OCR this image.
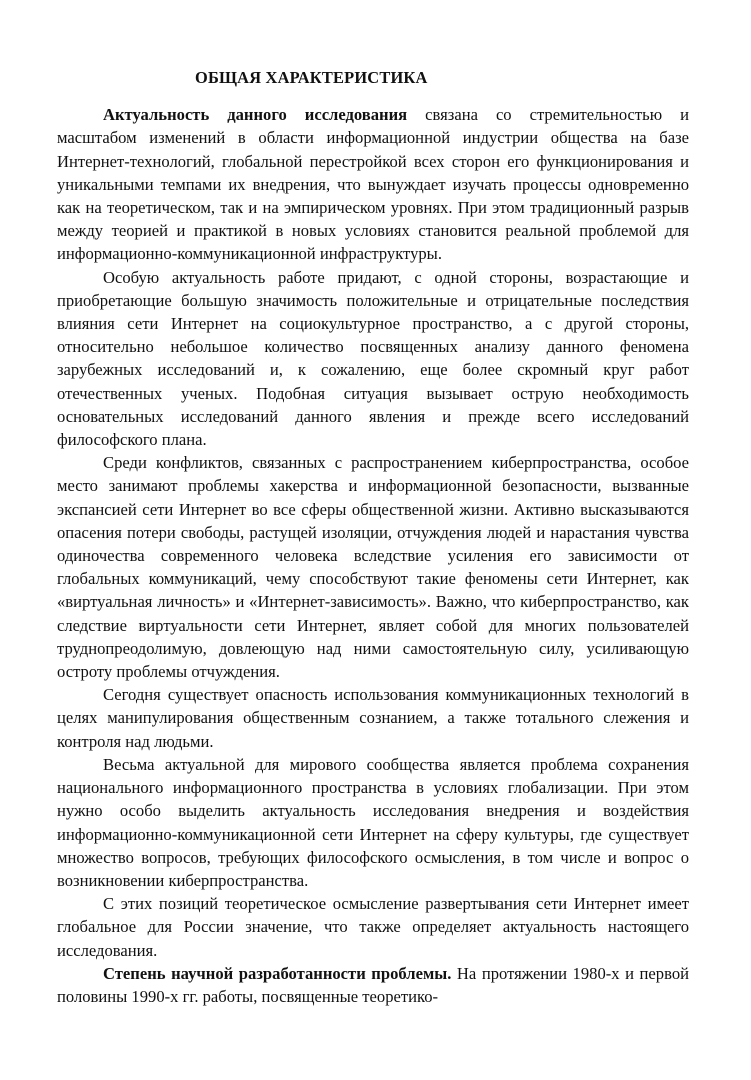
ОБЩАЯ ХАРАКТЕРИСТИКА

Актуальность данного исследования связана со стремительностью и масштабом изменений в области информационной индустрии общества на базе Интернет-технологий, глобальной перестройкой всех сторон его функционирования и уникальными темпами их внедрения, что вынуждает изучать процессы одновременно как на теоретическом, так и на эмпирическом уровнях. При этом традиционный разрыв между теорией и практикой в новых условиях становится реальной проблемой для информационно-коммуникационной инфраструктуры.

Особую актуальность работе придают, с одной стороны, возрастающие и приобретающие большую значимость положительные и отрицательные последствия влияния сети Интернет на социокультурное пространство, а с другой стороны, относительно небольшое количество посвященных анализу данного феномена зарубежных исследований и, к сожалению, еще более скромный круг работ отечественных ученых. Подобная ситуация вызывает острую необходимость основательных исследований данного явления и прежде всего исследований философского плана.

Среди конфликтов, связанных с распространением киберпространства, особое место занимают проблемы хакерства и информационной безопасности, вызванные экспансией сети Интернет во все сферы общественной жизни. Активно высказываются опасения потери свободы, растущей изоляции, отчуждения людей и нарастания чувства одиночества современного человека вследствие усиления его зависимости от глобальных коммуникаций, чему способствуют такие феномены сети Интернет, как «виртуальная личность» и «Интернет-зависимость». Важно, что киберпространство, как следствие виртуальности сети Интернет, являет собой для многих пользователей труднопреодолимую, довлеющую над ними самостоятельную силу, усиливающую остроту проблемы отчуждения.

Сегодня существует опасность использования коммуникационных технологий в целях манипулирования общественным сознанием, а также тотального слежения и контроля над людьми.

Весьма актуальной для мирового сообщества является проблема сохранения национального информационного пространства в условиях глобализации. При этом нужно особо выделить актуальность исследования внедрения и воздействия информационно-коммуникационной сети Интернет на сферу культуры, где существует множество вопросов, требующих философского осмысления, в том числе и вопрос о возникновении киберпространства.

С этих позиций теоретическое осмысление развертывания сети Интернет имеет глобальное для России значение, что также определяет актуальность настоящего исследования.

Степень научной разработанности проблемы. На протяжении 1980-х и первой половины 1990-х гг. работы, посвященные теоретико-
